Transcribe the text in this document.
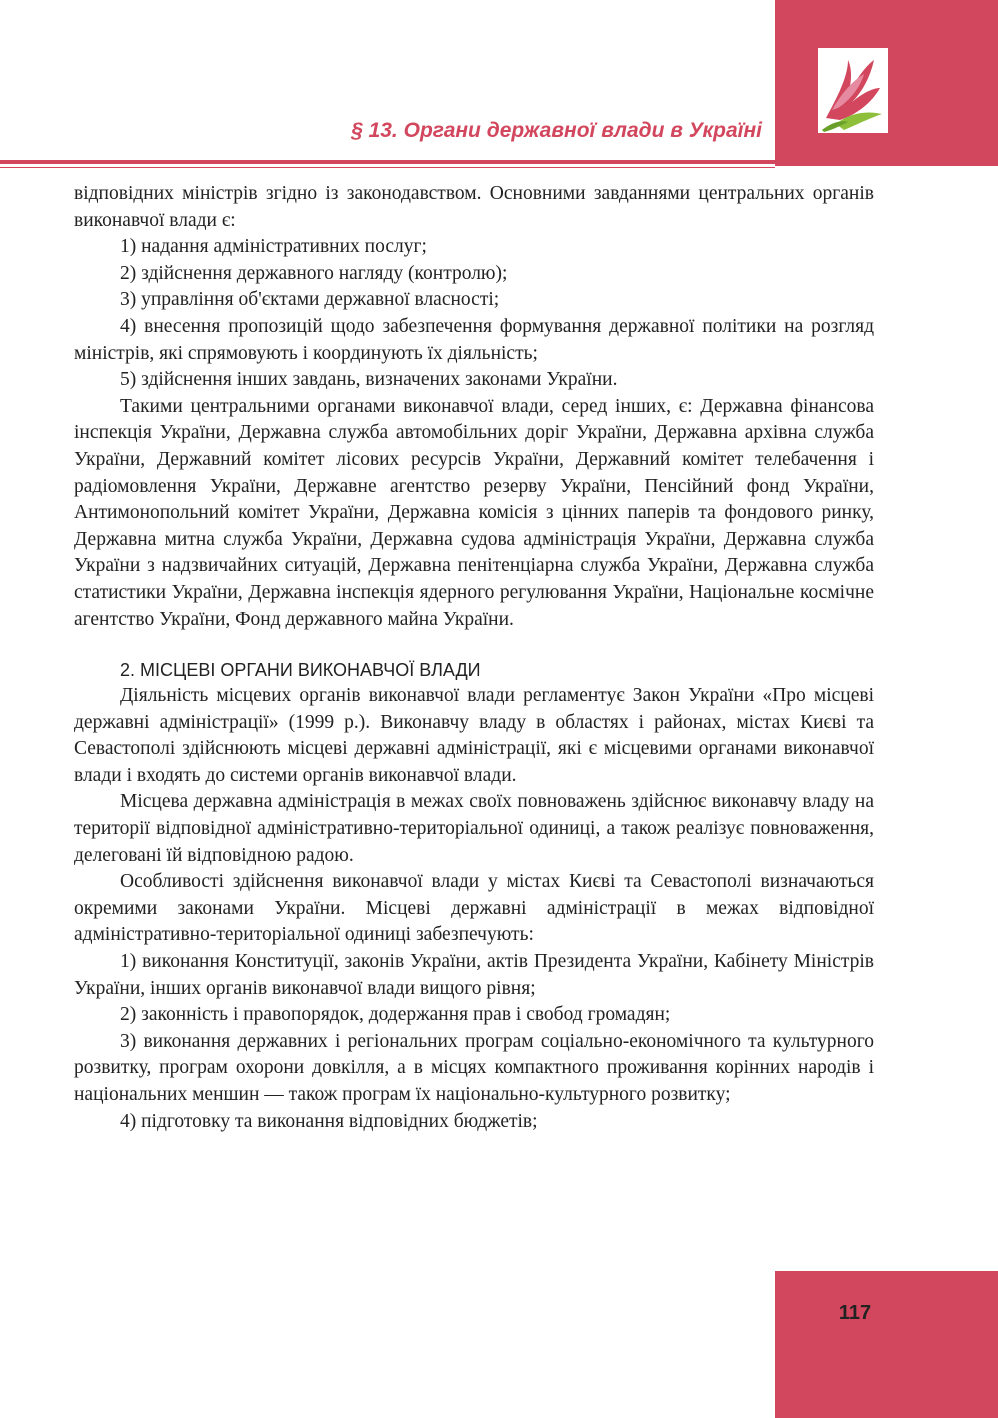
§ 13. Органи державної влади в Україні

відповідних міністрів згідно із законодавством. Основними завданнями центральних органів виконавчої влади є:

1) надання адміністративних послуг;

2) здійснення державного нагляду (контролю);

3) управління об'єктами державної власності;

4) внесення пропозицій щодо забезпечення формування державної політики на розгляд міністрів, які спрямовують і координують їх діяльність;

5) здійснення інших завдань, визначених законами України.

Такими центральними органами виконавчої влади, серед інших, є: Державна фінансова інспекція України, Державна служба автомобільних доріг України, Державна архівна служба України, Державний комітет лісових ресурсів України, Державний комітет телебачення і радіомовлення України, Державне агентство резерву України, Пенсійний фонд України, Антимонопольний комітет України, Державна комісія з цінних паперів та фондового ринку, Державна митна служба України, Державна судова адміністрація України, Державна служба України з надзвичайних ситуацій, Державна пенітенціарна служба України, Державна служба статистики України, Державна інспекція ядерного регулювання України, Національне космічне агентство України, Фонд державного майна України.

2. МІСЦЕВІ ОРГАНИ ВИКОНАВЧОЇ ВЛАДИ

Діяльність місцевих органів виконавчої влади регламентує Закон України «Про місцеві державні адміністрації» (1999 р.). Виконавчу владу в областях і районах, містах Києві та Севастополі здійснюють місцеві державні адміністрації, які є місцевими органами виконавчої влади і входять до системи органів виконавчої влади.

Місцева державна адміністрація в межах своїх повноважень здійснює виконавчу владу на території відповідної адміністративно-територіальної одиниці, а також реалізує повноваження, делеговані їй відповідною радою.

Особливості здійснення виконавчої влади у містах Києві та Севастополі визначаються окремими законами України. Місцеві державні адміністрації в межах відповідної адміністративно-територіальної одиниці забезпечують:

1) виконання Конституції, законів України, актів Президента України, Кабінету Міністрів України, інших органів виконавчої влади вищого рівня;

2) законність і правопорядок, додержання прав і свобод громадян;

3) виконання державних і регіональних програм соціально-економічного та культурного розвитку, програм охорони довкілля, а в місцях компактного проживання корінних народів і національних меншин — також програм їх національно-культурного розвитку;

4) підготовку та виконання відповідних бюджетів;

117
